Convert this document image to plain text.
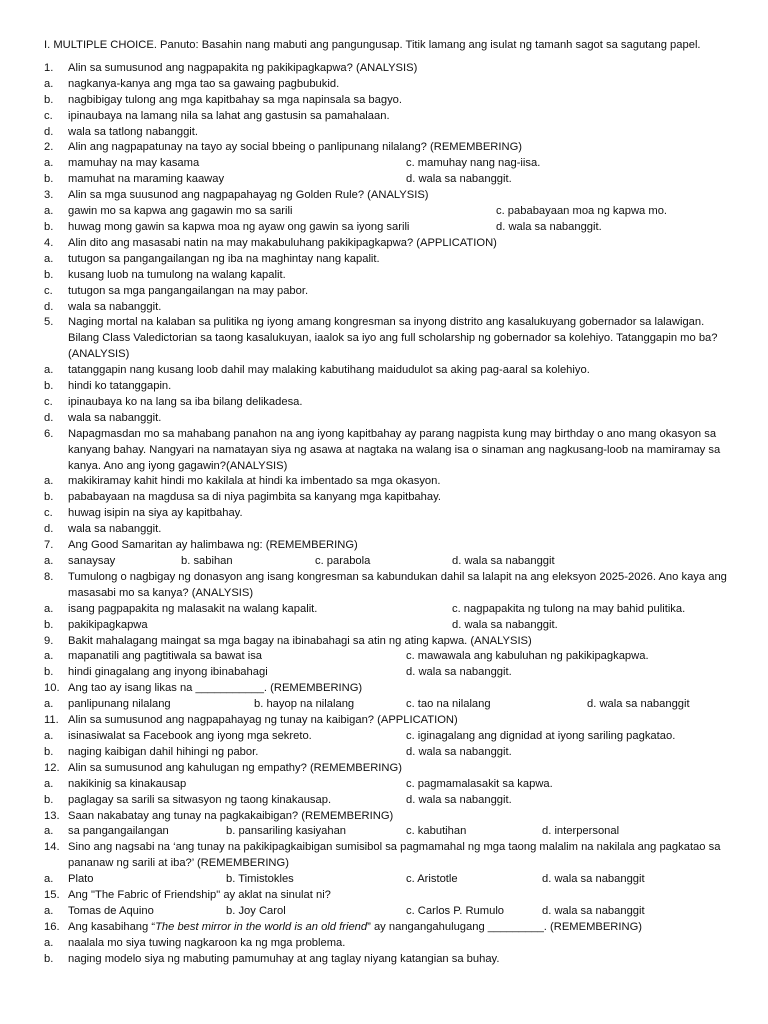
I. MULTIPLE CHOICE. Panuto: Basahin nang mabuti ang pangungusap. Titik lamang ang isulat ng tamanh sagot sa sagutang papel.
1.	Alin sa sumusunod ang nagpapakita ng pakikipagkapwa? (ANALYSIS)
a.	nagkanya-kanya ang mga tao sa gawaing pagbubukid.
b.	nagbibigay tulong ang mga kapitbahay sa mga napinsala sa bagyo.
c.	ipinaubaya na lamang nila sa lahat ang gastusin sa pamahalaan.
d.	wala sa tatlong nabanggit.
2.	Alin ang nagpapatunay na tayo ay social bbeing o panlipunang nilalang? (REMEMBERING)
a.	mamuhay na may kasama	c. mamuhay nang nag-iisa.
b.	mamuhat na maraming kaaway	d. wala sa nabanggit.
3.	Alin sa mga suusunod ang nagpapahayag ng Golden Rule? (ANALYSIS)
a.	gawin mo sa kapwa ang gagawin mo sa sarili	c. pababayaan moa ng kapwa mo.
b.	huwag mong gawin sa kapwa moa ng ayaw ong gawin sa iyong sarili	d. wala sa nabanggit.
4.	Alin dito ang masasabi natin na may makabuluhang pakikipagkapwa? (APPLICATION)
a.	tutugon sa pangangailangan ng iba na maghintay nang kapalit.
b.	kusang luob na tumulong na walang kapalit.
c.	tutugon sa mga pangangailangan na may pabor.
d.	wala sa nabanggit.
5.	Naging mortal na kalaban sa pulitika ng iyong amang kongresman sa inyong distrito ang kasalukuyang gobernador sa lalawigan. Bilang Class Valedictorian sa taong kasalukuyan, iaalok sa iyo ang full scholarship ng gobernador sa kolehiyo. Tatanggapin mo ba? (ANALYSIS)
a.	tatanggapin nang kusang loob dahil may malaking kabutihang maidudulot sa aking pag-aaral sa kolehiyo.
b.	hindi ko tatanggapin.
c.	ipinaubaya ko na lang sa iba bilang delikadesa.
d.	wala sa nabanggit.
6.	Napagmasdan mo sa mahabang panahon na ang iyong kapitbahay ay parang nagpista kung may birthday o ano mang okasyon sa kanyang bahay. Nangyari na namatayan siya ng asawa at nagtaka na walang isa o sinaman ang nagkusang-loob na mamiramay sa kanya. Ano ang iyong gagawin?(ANALYSIS)
a.	makikiramay kahit hindi mo kakilala at hindi ka imbentado sa mga okasyon.
b.	pababayaan na magdusa sa di niya pagimbita sa kanyang mga kapitbahay.
c.	huwag isipin na siya ay kapitbahay.
d.	wala sa nabanggit.
7.	Ang Good Samaritan ay halimbawa ng: (REMEMBERING)
a.	sanaysay	b. sabihan	c. parabola	d. wala sa nabanggit
8.	Tumulong o nagbigay ng donasyon ang isang kongresman sa kabundukan dahil sa lalapit na ang eleksyon 2025-2026. Ano kaya ang masasabi mo sa kanya? (ANALYSIS)
a.	isang pagpapakita ng malasakit na walang kapalit.	c. nagpapakita ng tulong na may bahid pulitika.
b.	pakikipagkapwa	d. wala sa nabanggit.
9.	Bakit mahalagang maingat sa mga bagay na ibinabahagi sa atin ng ating kapwa. (ANALYSIS)
a.	mapanatili ang pagtitiwala sa bawat isa	c. mawawala ang kabuluhan ng pakikipagkapwa.
b.	hindi ginagalang ang inyong ibinabahagi	d. wala sa nabanggit.
10. Ang tao ay isang likas na ___________. (REMEMBERING)
a.	panlipunang nilalang	b. hayop na nilalang	c. tao na nilalang	d. wala sa nabanggit
11. Alin sa sumusunod ang nagpapahayag ng tunay na kaibigan? (APPLICATION)
a.	isinasiwalat sa Facebook ang iyong mga sekreto.	c. iginagalang ang dignidad at iyong sariling pagkatao.
b.	naging kaibigan dahil hihingi ng pabor.	d. wala sa nabanggit.
12. Alin sa sumusunod ang kahulugan ng empathy? (REMEMBERING)
a.	nakikinig sa kinakausap	c. pagmamalasakit sa kapwa.
b.	paglagay sa sarili sa sitwasyon ng taong kinakausap.	d. wala sa nabanggit.
13. Saan nakabatay ang tunay na pagkakaibigan? (REMEMBERING)
a.	sa pangangailangan	b. pansariling kasiyahan	c. kabutihan	d. interpersonal
14. Sino ang nagsabi na ‘ang tunay na pakikipagkaibigan sumisibol sa pagmamahal ng mga taong malalim na nakilala ang pagkatao sa pananaw ng sarili at iba?’ (REMEMBERING)
a.	Plato	b. Timistokles	c. Aristotle	d. wala sa nabanggit
15. Ang "The Fabric of Friendship" ay aklat na sinulat ni?
a.	Tomas de Aquino	b. Joy Carol	c. Carlos P. Rumulo	d. wala sa nabanggit
16. Ang kasabihang “The best mirror in the world is an old friend” ay nangangahulugang _________. (REMEMBERING)
a.	naalala mo siya tuwing nagkaroon ka ng mga problema.
b.	naging modelo siya ng mabuting pamumuhay at ang taglay niyang katangian sa buhay.
